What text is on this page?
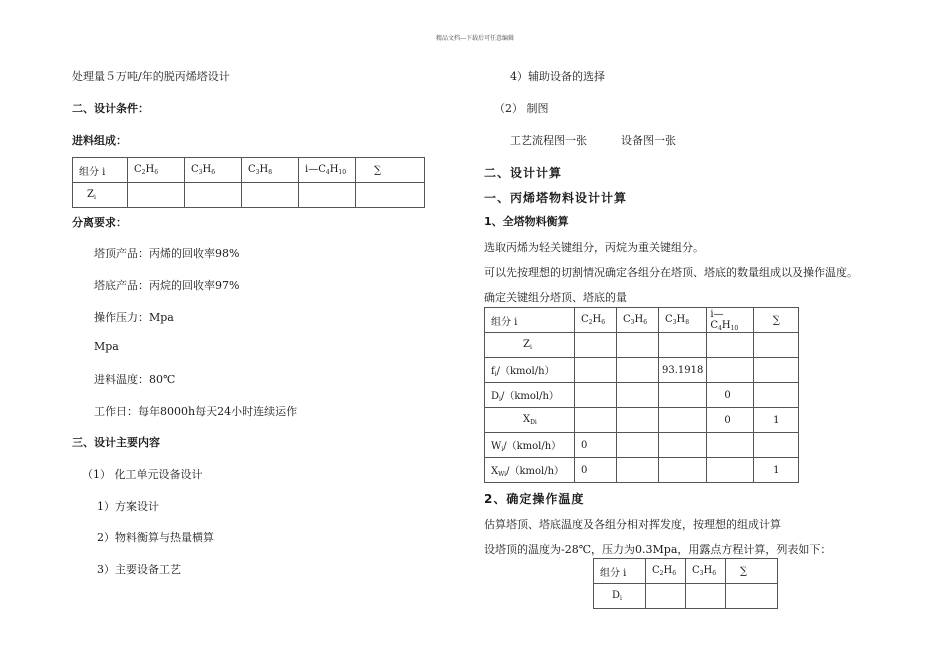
精品文档---下载后可任意编辑
处理量５万吨/年的脱丙烯塔设计
二、设计条件：
进料组成：
组分 i	$C_2H_6$	$C_3H_6$	$C_3H_8$	$i—C_4H_{10}$	∑
$Z_i$					
分离要求：
塔顶产品：丙烯的回收率98%
塔底产品：丙烷的回收率97%
操作压力：Mpa
Mpa
进料温度：80℃
工作日：每年8000h每天24小时连续运作
三、设计主要内容
（1） 化工单元设备设计
1）方案设计
2）物料衡算与热量横算
3）主要设备工艺
4）辅助设备的选择
（2） 制图
工艺流程图一张	设备图一张
二、设计计算
一、丙烯塔物料设计计算
1、全塔物料衡算
选取丙烯为轻关键组分，丙烷为重关键组分。
可以先按理想的切割情况确定各组分在塔顶、塔底的数量组成以及操作温度。
确定关键组分塔顶、塔底的量
组分 i	$C_2H_6$	$C_3H_6$	$C_3H_8$	$i—C_4H_{10}$	∑
$Z_i$					
$f_i/(kmol/h)$			93.1918		
$D_i/(kmol/h)$				0	
$X_{Di}$				0	1
$W_i/(kmol/h)$	0				
$X_{Wi}/(kmol/h)$	0				1
2、确定操作温度
估算塔顶、塔底温度及各组分相对挥发度，按理想的组成计算
设塔顶的温度为-28℃，压力为0.3Mpa，用露点方程计算，列表如下：
组分 i	$C_2H_6$	$C_3H_6$	∑
$D_i$			
